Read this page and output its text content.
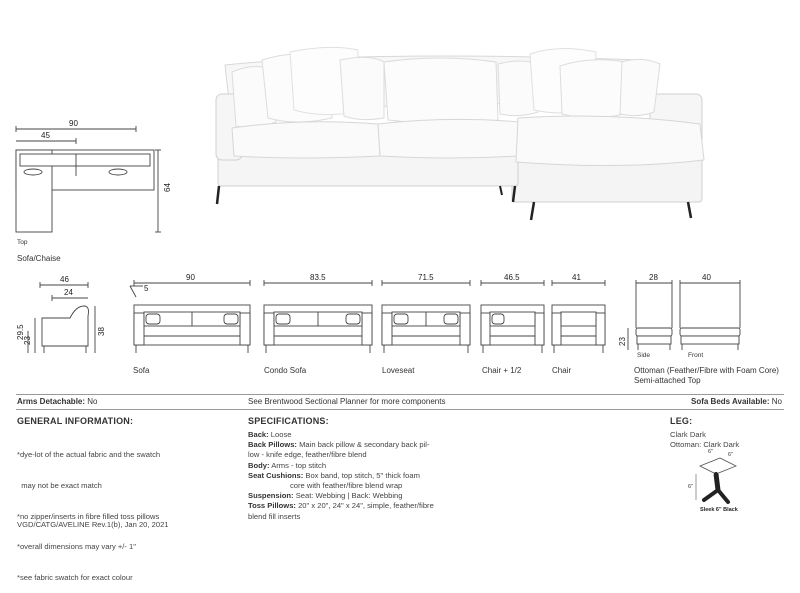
90
45
64
Top
Sofa/Chaise
46
24
38
29.5
23
5
90	83.5	71.5	46.5	41	28	40
23
Side	Front
Sofa	Condo Sofa	Loveseat	Chair + 1/2	Chair	Ottoman (Feather/Fibre with Foam Core)
Semi-attached Top
Arms Detachable: No	See Brentwood Sectional Planner for more components	Sofa Beds Available: No
GENERAL INFORMATION:

*dye-lot of the actual fabric and the swatch

may not be exact match

*no zipper/inserts in fibre filled toss pillows

*overall dimensions may vary +/- 1"

*see fabric swatch for exact colour

SPECIFICATIONS:
Back: Loose
Back Pillows: Main back pillow & secondary back pil-
low - knife edge, feather/fibre blend
Body: Arms - top stitch
Seat Cushions: Box band, top stitch, 5" thick foam
core with feather/fibre blend wrap
Suspension: Seat: Webbing | Back: Webbing
Toss Pillows: 20" x 20", 24" x 24", simple, feather/fibre
blend fill inserts
LEG:
Clark Dark
Ottoman: Clark Dark
6"	6"
6"
Sleek 6" Black
VGD/CATG/AVELINE Rev.1(b), Jan 20, 2021
